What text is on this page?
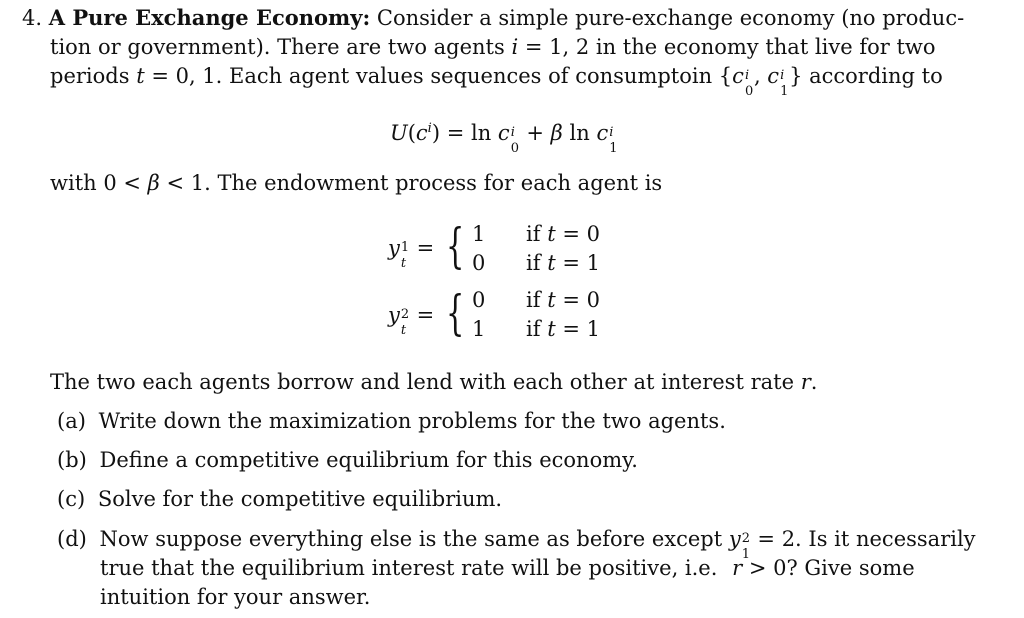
4. A Pure Exchange Economy: Consider a simple pure-exchange economy (no produc-
tion or government). There are two agents i = 1, 2 in the economy that live for two
periods t = 0, 1. Each agent values sequences of consumptoin {c i
0
, c i
1
} according to
$U(c^i) = \ln c$ i
0
+ β ln c i
1
with 0 < β < 1. The endowment process for each agent is
y 1
t
= { 1
0
if t = 0
if t = 1
y 2
t
= { 0
1
if t = 0
if t = 1
The two each agents borrow and lend with each other at interest rate r.
(a) Write down the maximization problems for the two agents.
(b) Define a competitive equilibrium for this economy.
(c) Solve for the competitive equilibrium.
(d) Now suppose everything else is the same as before except y 2
1
= 2. Is it necessarily
true that the equilibrium interest rate will be positive, i.e. r > 0? Give some
intuition for your answer.
